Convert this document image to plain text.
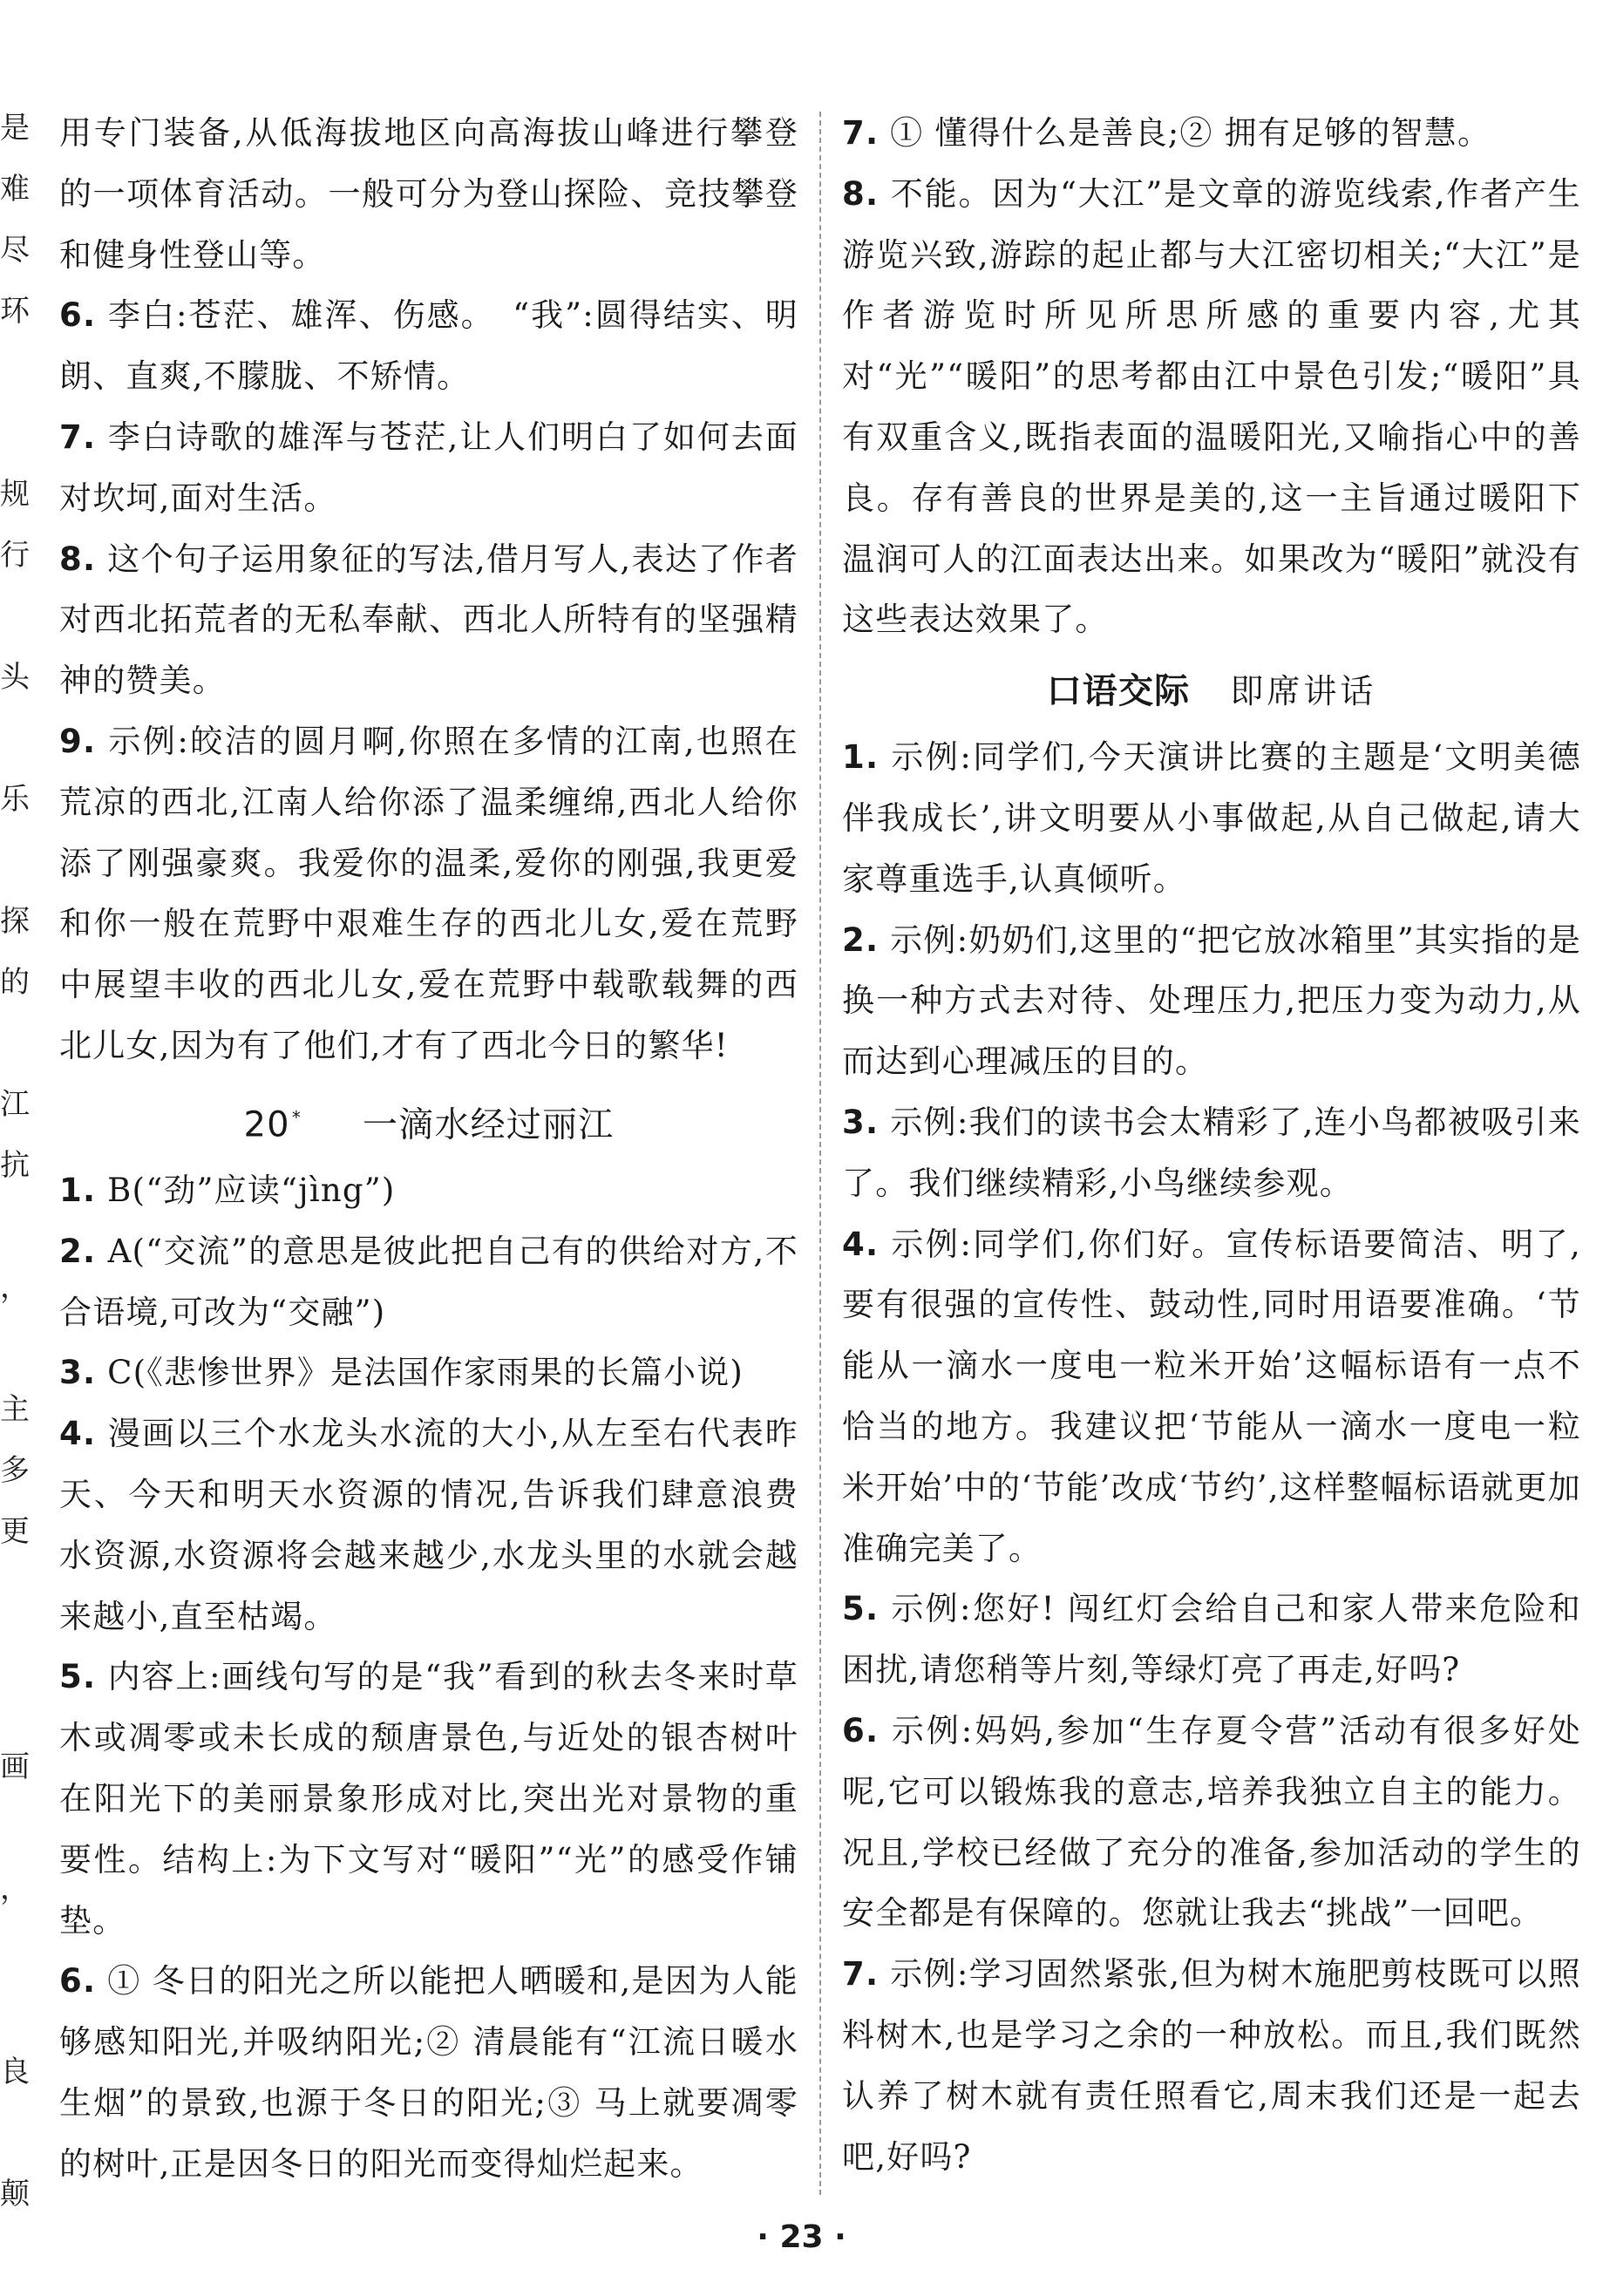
是
难
尽
环
规
行
头
乐
探
的
江
抗
，
主
多
更
画
，
良
颠

用专门装备,从低海拔地区向高海拔山峰进行攀登的一项体育活动。一般可分为登山探险、竞技攀登和健身性登山等。

6. 李白:苍茫、雄浑、伤感。　“我”:圆得结实、明朗、直爽,不朦胧、不矫情。

7. 李白诗歌的雄浑与苍茫,让人们明白了如何去面对坎坷,面对生活。

8. 这个句子运用象征的写法,借月写人,表达了作者对西北拓荒者的无私奉献、西北人所特有的坚强精神的赞美。

9. 示例:皎洁的圆月啊,你照在多情的江南,也照在荒凉的西北,江南人给你添了温柔缠绵,西北人给你添了刚强豪爽。我爱你的温柔,爱你的刚强,我更爱和你一般在荒野中艰难生存的西北儿女,爱在荒野中展望丰收的西北儿女,爱在荒野中载歌载舞的西北儿女,因为有了他们,才有了西北今日的繁华!

20 * 一滴水经过丽江

1. B(“劲”应读“jìng”)

2. A(“交流”的意思是彼此把自己有的供给对方,不合语境,可改为“交融”)

3. C(《悲惨世界》是法国作家雨果的长篇小说)

4. 漫画以三个水龙头水流的大小,从左至右代表昨天、今天和明天水资源的情况,告诉我们肆意浪费水资源,水资源将会越来越少,水龙头里的水就会越来越小,直至枯竭。

5. 内容上:画线句写的是“我”看到的秋去冬来时草木或凋零或未长成的颓唐景色,与近处的银杏树叶在阳光下的美丽景象形成对比,突出光对景物的重要性。结构上:为下文写对“暖阳”“光”的感受作铺垫。

6. ① 冬日的阳光之所以能把人晒暖和,是因为人能够感知阳光,并吸纳阳光;② 清晨能有“江流日暖水生烟”的景致,也源于冬日的阳光;③ 马上就要凋零的树叶,正是因冬日的阳光而变得灿烂起来。

7. ① 懂得什么是善良;② 拥有足够的智慧。

8. 不能。因为“大江”是文章的游览线索,作者产生游览兴致,游踪的起止都与大江密切相关;“大江”是作者游览时所见所思所感的重要内容,尤其对“光”“暖阳”的思考都由江中景色引发;“暖阳”具有双重含义,既指表面的温暖阳光,又喻指心中的善良。存有善良的世界是美的,这一主旨通过暖阳下温润可人的江面表达出来。如果改为“暖阳”就没有这些表达效果了。

口语交际 即席讲话

1. 示例:同学们,今天演讲比赛的主题是‘文明美德伴我成长’,讲文明要从小事做起,从自己做起,请大家尊重选手,认真倾听。

2. 示例:奶奶们,这里的“把它放冰箱里”其实指的是换一种方式去对待、处理压力,把压力变为动力,从而达到心理减压的目的。

3. 示例:我们的读书会太精彩了,连小鸟都被吸引来了。我们继续精彩,小鸟继续参观。

4. 示例:同学们,你们好。宣传标语要简洁、明了,要有很强的宣传性、鼓动性,同时用语要准确。‘节能从一滴水一度电一粒米开始’这幅标语有一点不恰当的地方。我建议把‘节能从一滴水一度电一粒米开始’中的‘节能’改成‘节约’,这样整幅标语就更加准确完美了。

5. 示例:您好! 闯红灯会给自己和家人带来危险和困扰,请您稍等片刻,等绿灯亮了再走,好吗?

6. 示例:妈妈,参加“生存夏令营”活动有很多好处呢,它可以锻炼我的意志,培养我独立自主的能力。况且,学校已经做了充分的准备,参加活动的学生的安全都是有保障的。您就让我去“挑战”一回吧。

7. 示例:学习固然紧张,但为树木施肥剪枝既可以照料树木,也是学习之余的一种放松。而且,我们既然认养了树木就有责任照看它,周末我们还是一起去吧,好吗?

· 23 ·
